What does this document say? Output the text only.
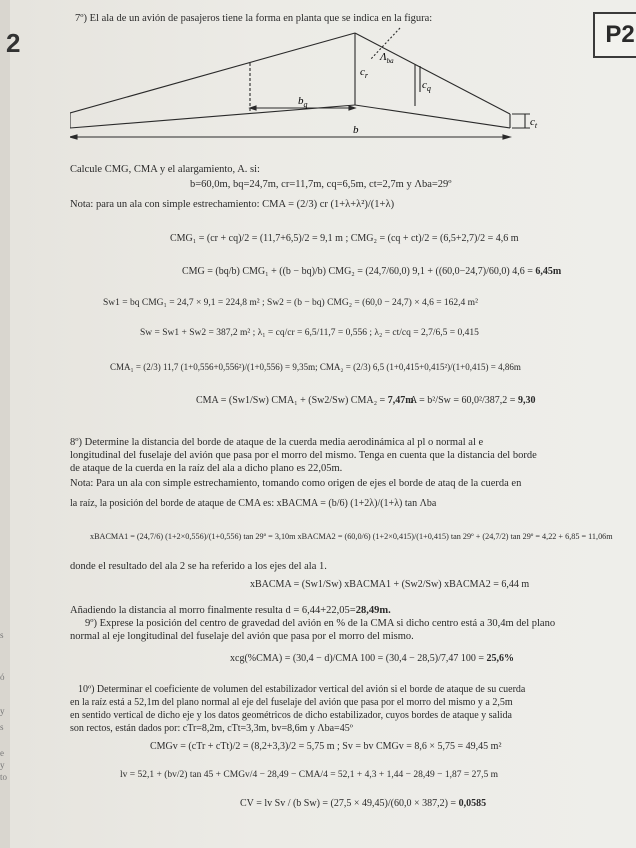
2	P2
7º) El ala de un avión de pasajeros tiene la forma en planta que se indica en la figura:
$c_r$
$\Lambda_{ba}$
$c_q$
$b_q$
b
$c_t$
Calcule CMG, CMA y el alargamiento, A. si:
b=60,0m, bq=24,7m, cr=11,7m, cq=6,5m, ct=2,7m y Λba=29º
Nota: para un ala con simple estrechamiento: CMA = (2/3) cr (1+λ+λ²)/(1+λ)
CMG₁ = (cr + cq)/2 = (11,7+6,5)/2 = 9,1 m ; CMG₂ = (cq + ct)/2 = (6,5+2,7)/2 = 4,6 m
CMG = (bq/b) CMG₁ + ((b − bq)/b) CMG₂ = (24,7/60,0) 9,1 + ((60,0−24,7)/60,0) 4,6 = 6,45m
Sw1 = bq CMG₁ = 24,7 × 9,1 = 224,8 m² ; Sw2 = (b − bq) CMG₂ = (60,0 − 24,7) × 4,6 = 162,4 m²
Sw = Sw1 + Sw2 = 387,2 m² ; λ₁ = cq/cr = 6,5/11,7 = 0,556 ; λ₂ = ct/cq = 2,7/6,5 = 0,415
CMA₁ = (2/3) 11,7 (1+0,556+0,556²)/(1+0,556) = 9,35m; CMA₂ = (2/3) 6,5 (1+0,415+0,415²)/(1+0,415) = 4,86m
CMA = (Sw1/Sw) CMA₁ + (Sw2/Sw) CMA₂ = 7,47m
A = b²/Sw = 60,0²/387,2 = 9,30
8º) Determine la distancia del borde de ataque de la cuerda media aerodinámica al pl o normal al e
longitudinal del fuselaje del avión que pasa por el morro del mismo. Tenga en cuenta que la distancia del borde
de ataque de la cuerda en la raíz del ala a dicho plano es 22,05m.
Nota: Para un ala con simple estrechamiento, tomando como origen de ejes el borde de ataq de la cuerda en
la raíz, la posición del borde de ataque de CMA es: xBACMA = (b/6) (1+2λ)/(1+λ) tan Λba
xBACMA1 = (24,7/6) (1+2×0,556)/(1+0,556) tan 29º = 3,10m xBACMA2 = (60,0/6) (1+2×0,415)/(1+0,415) tan 29º + (24,7/2) tan 29º = 4,22 + 6,85 = 11,06m
donde el resultado del ala 2 se ha referido a los ejes del ala 1.
xBACMA = (Sw1/Sw) xBACMA1 + (Sw2/Sw) xBACMA2 = 6,44 m
Añadiendo la distancia al morro finalmente resulta d = 6,44+22,05=28,49m.
9º) Exprese la posición del centro de gravedad del avión en % de la CMA si dicho centro está a 30,4m del plano
normal al eje longitudinal del fuselaje del avión que pasa por el morro del mismo.
xcg(%CMA) = (30,4 − d)/CMA 100 = (30,4 − 28,5)/7,47 100 = 25,6%
10º) Determinar el coeficiente de volumen del estabilizador vertical del avión si el borde de ataque de su cuerda
en la raíz está a 52,1m del plano normal al eje del fuselaje del avión que pasa por el morro del mismo y a 2,5m
en sentido vertical de dicho eje y los datos geométricos de dicho estabilizador, cuyos bordes de ataque y salida
son rectos, están dados por: cTr=8,2m, cTt=3,3m, bv=8,6m y Λba=45º
CMGv = (cTr + cTt)/2 = (8,2+3,3)/2 = 5,75 m ; Sv = bv CMGv = 8,6 × 5,75 = 49,45 m²
lv = 52,1 + (bv/2) tan 45 + CMGv/4 − 28,49 − CMA/4 = 52,1 + 4,3 + 1,44 − 28,49 − 1,87 = 27,5 m
CV = lv Sv / (b Sw) = (27,5 × 49,45)/(60,0 × 387,2) = 0,0585
s
ó
y
s
e
y
to
